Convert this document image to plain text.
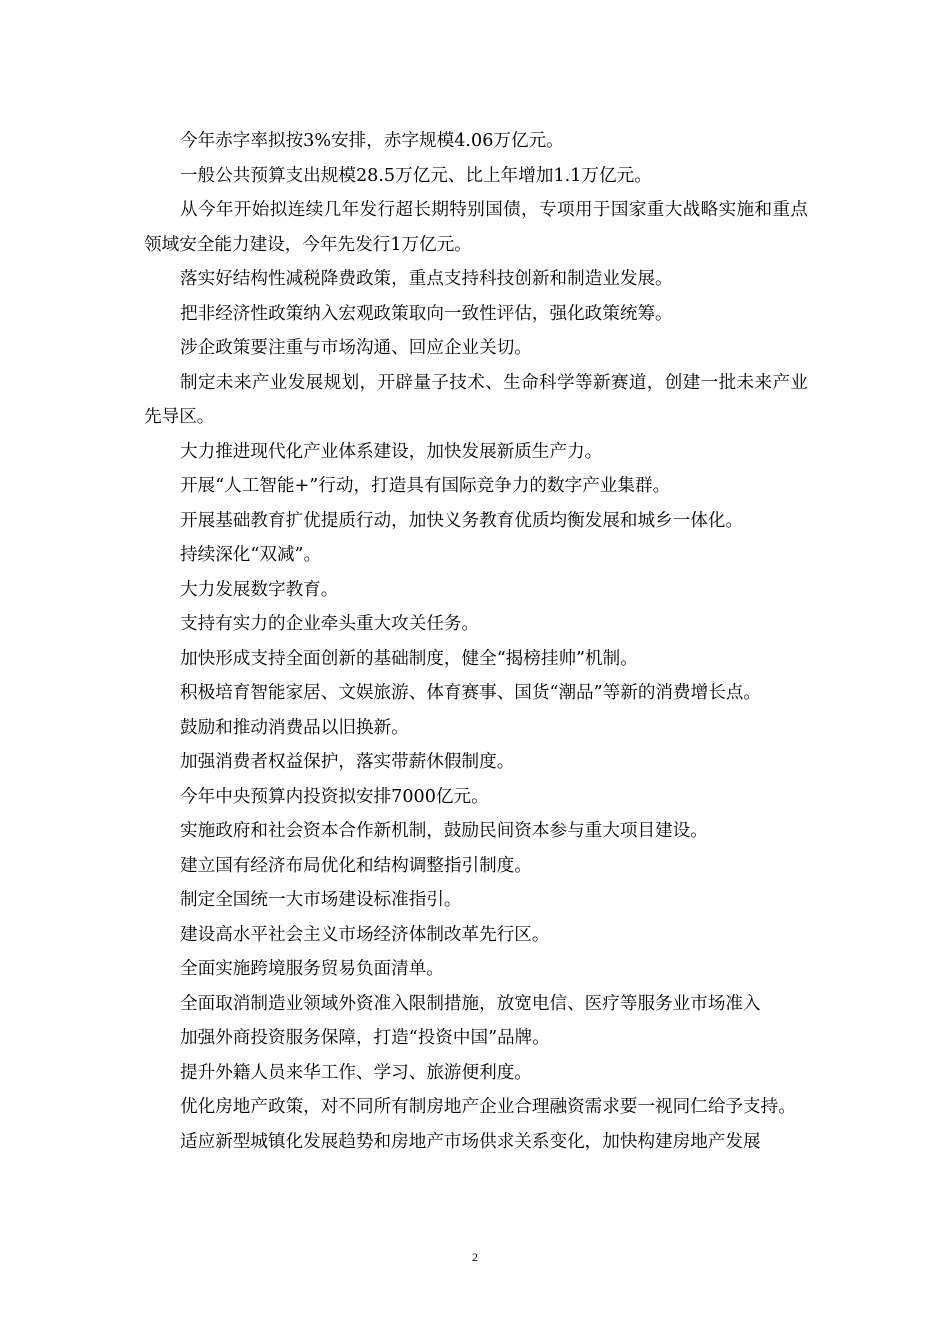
今年赤字率拟按3%安排，赤字规模4.06万亿元。

一般公共预算支出规模28.5万亿元、比上年增加1.1万亿元。

从今年开始拟连续几年发行超长期特别国债，专项用于国家重大战略实施和重点领域安全能力建设，今年先发行1万亿元。

落实好结构性减税降费政策，重点支持科技创新和制造业发展。

把非经济性政策纳入宏观政策取向一致性评估，强化政策统筹。

涉企政策要注重与市场沟通、回应企业关切。

制定未来产业发展规划，开辟量子技术、生命科学等新赛道，创建一批未来产业先导区。

大力推进现代化产业体系建设，加快发展新质生产力。

开展“人工智能+”行动，打造具有国际竞争力的数字产业集群。

开展基础教育扩优提质行动，加快义务教育优质均衡发展和城乡一体化。

持续深化“双减”。

大力发展数字教育。

支持有实力的企业牵头重大攻关任务。

加快形成支持全面创新的基础制度，健全“揭榜挂帅”机制。

积极培育智能家居、文娱旅游、体育赛事、国货“潮品”等新的消费增长点。

鼓励和推动消费品以旧换新。

加强消费者权益保护，落实带薪休假制度。

今年中央预算内投资拟安排7000亿元。

实施政府和社会资本合作新机制，鼓励民间资本参与重大项目建设。

建立国有经济布局优化和结构调整指引制度。

制定全国统一大市场建设标准指引。

建设高水平社会主义市场经济体制改革先行区。

全面实施跨境服务贸易负面清单。

全面取消制造业领域外资准入限制措施，放宽电信、医疗等服务业市场准入

加强外商投资服务保障，打造“投资中国”品牌。

提升外籍人员来华工作、学习、旅游便利度。

优化房地产政策，对不同所有制房地产企业合理融资需求要一视同仁给予支持。

适应新型城镇化发展趋势和房地产市场供求关系变化，加快构建房地产发展

2
